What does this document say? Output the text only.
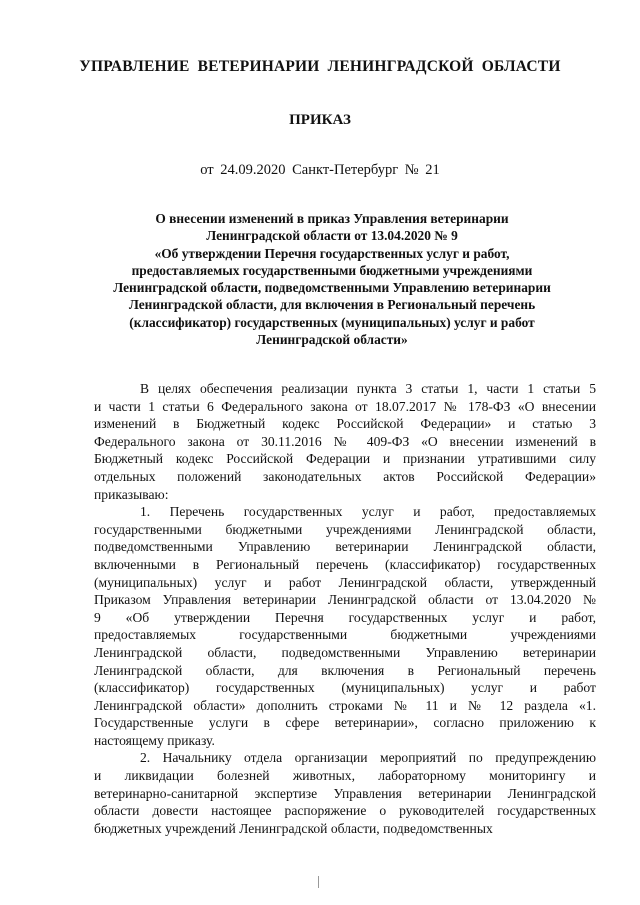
УПРАВЛЕНИЕ ВЕТЕРИНАРИИ ЛЕНИНГРАДСКОЙ ОБЛАСТИ
ПРИКАЗ
от 24.09.2020 Санкт-Петербург № 21
О внесении изменений в приказ Управления ветеринарии
Ленинградской области от 13.04.2020 № 9
«Об утверждении Перечня государственных услуг и работ,
предоставляемых государственными бюджетными учреждениями
Ленинградской области, подведомственными Управлению ветеринарии
Ленинградской области, для включения в Региональный перечень
(классификатор) государственных (муниципальных) услуг и работ
Ленинградской области»
В целях обеспечения реализации пункта 3 статьи 1, части 1 статьи 5
и части 1 статьи 6 Федерального закона от 18.07.2017 № 178-ФЗ «О внесении
изменений в Бюджетный кодекс Российской Федерации» и статью 3
Федерального закона от 30.11.2016 № 409-ФЗ «О внесении изменений в
Бюджетный кодекс Российской Федерации и признании утратившими силу
отдельных положений законодательных актов Российской Федерации»
приказываю:
1. Перечень государственных услуг и работ, предоставляемых
государственными бюджетными учреждениями Ленинградской области,
подведомственными Управлению ветеринарии Ленинградской области,
включенными в Региональный перечень (классификатор) государственных
(муниципальных) услуг и работ Ленинградской области, утвержденный
Приказом Управления ветеринарии Ленинградской области от 13.04.2020 №
9 «Об утверждении Перечня государственных услуг и работ,
предоставляемых государственными бюджетными учреждениями
Ленинградской области, подведомственными Управлению ветеринарии
Ленинградской области, для включения в Региональный перечень
(классификатор) государственных (муниципальных) услуг и работ
Ленинградской области» дополнить строками № 11 и № 12 раздела «1.
Государственные услуги в сфере ветеринарии», согласно приложению к
настоящему приказу.
2. Начальнику отдела организации мероприятий по предупреждению
и ликвидации болезней животных, лабораторному мониторингу и
ветеринарно-санитарной экспертизе Управления ветеринарии Ленинградской
области довести настоящее распоряжение о руководителей государственных
бюджетных учреждений Ленинградской области, подведомственных
